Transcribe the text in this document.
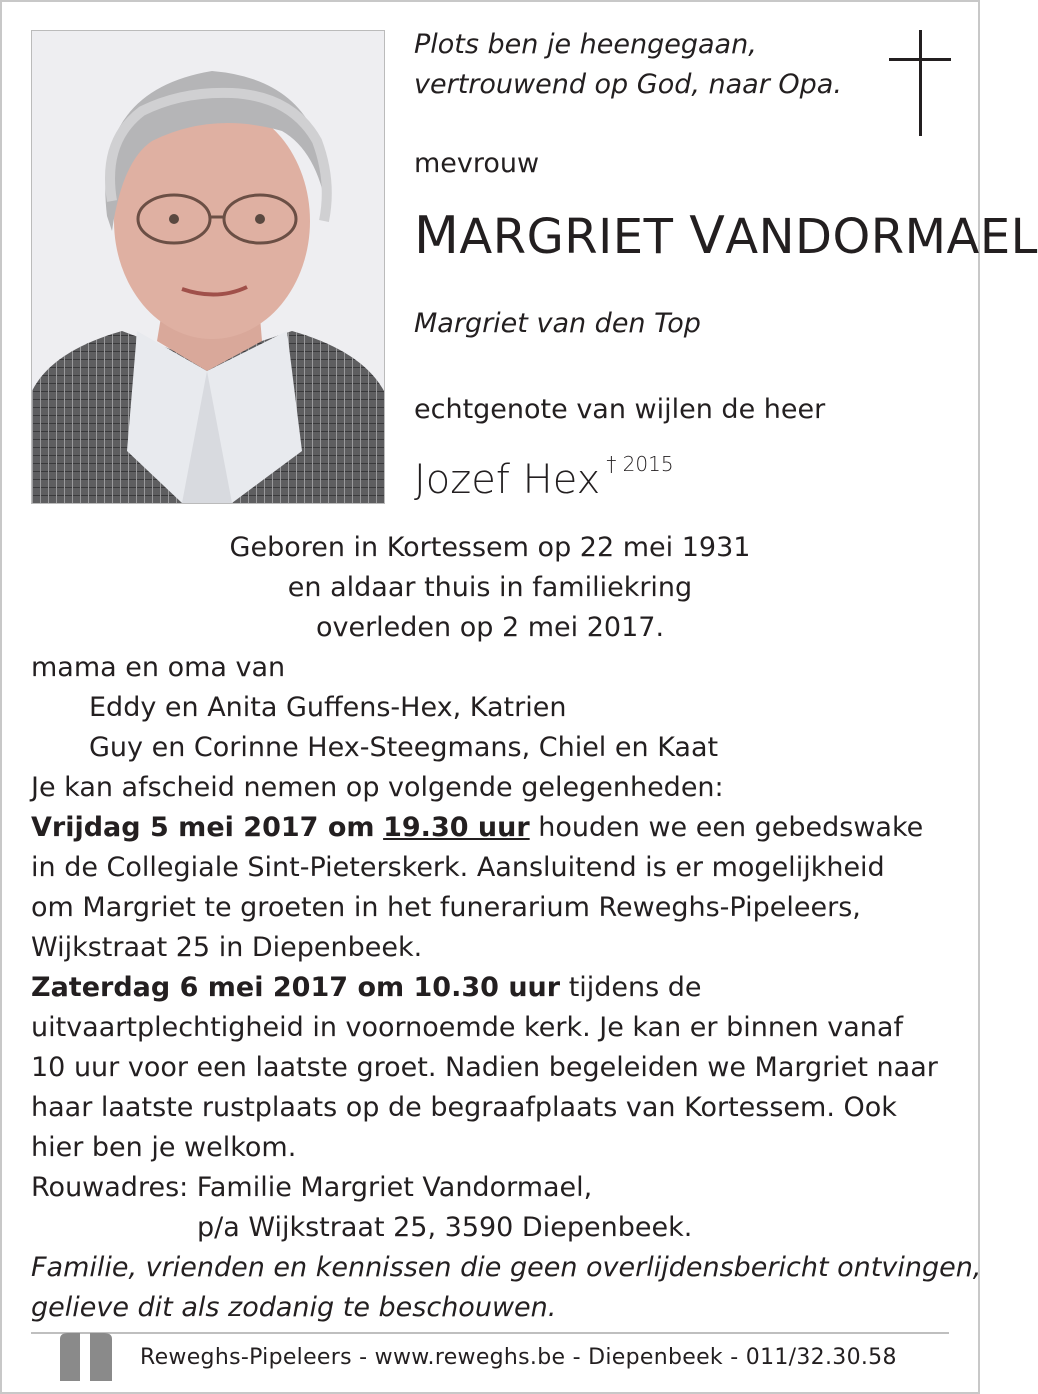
Plots ben je heengegaan,
vertrouwend op God, naar Opa.
mevrouw
MARGRIET VANDORMAEL
Margriet van den Top
echtgenote van wijlen de heer
Jozef Hex $^{\dagger 2015}$
Geboren in Kortessem op 22 mei 1931
en aldaar thuis in familiekring
overleden op 2 mei 2017.
mama en oma van
Eddy en Anita Guffens-Hex, Katrien
Guy en Corinne Hex-Steegmans, Chiel en Kaat
Je kan afscheid nemen op volgende gelegenheden:
Vrijdag 5 mei 2017 om 19.30 uur houden we een gebedswake
in de Collegiale Sint-Pieterskerk. Aansluitend is er mogelijkheid
om Margriet te groeten in het funerarium Reweghs-Pipeleers,
Wijkstraat 25 in Diepenbeek.
Zaterdag 6 mei 2017 om 10.30 uur tijdens de
uitvaartplechtigheid in voornoemde kerk. Je kan er binnen vanaf
10 uur voor een laatste groet. Nadien begeleiden we Margriet naar
haar laatste rustplaats op de begraafplaats van Kortessem. Ook
hier ben je welkom.
Rouwadres: Familie Margriet Vandormael,
p/a Wijkstraat 25, 3590 Diepenbeek.
Familie, vrienden en kennissen die geen overlijdensbericht ontvingen,
gelieve dit als zodanig te beschouwen.
Reweghs-Pipeleers - www.reweghs.be - Diepenbeek - 011/32.30.58
